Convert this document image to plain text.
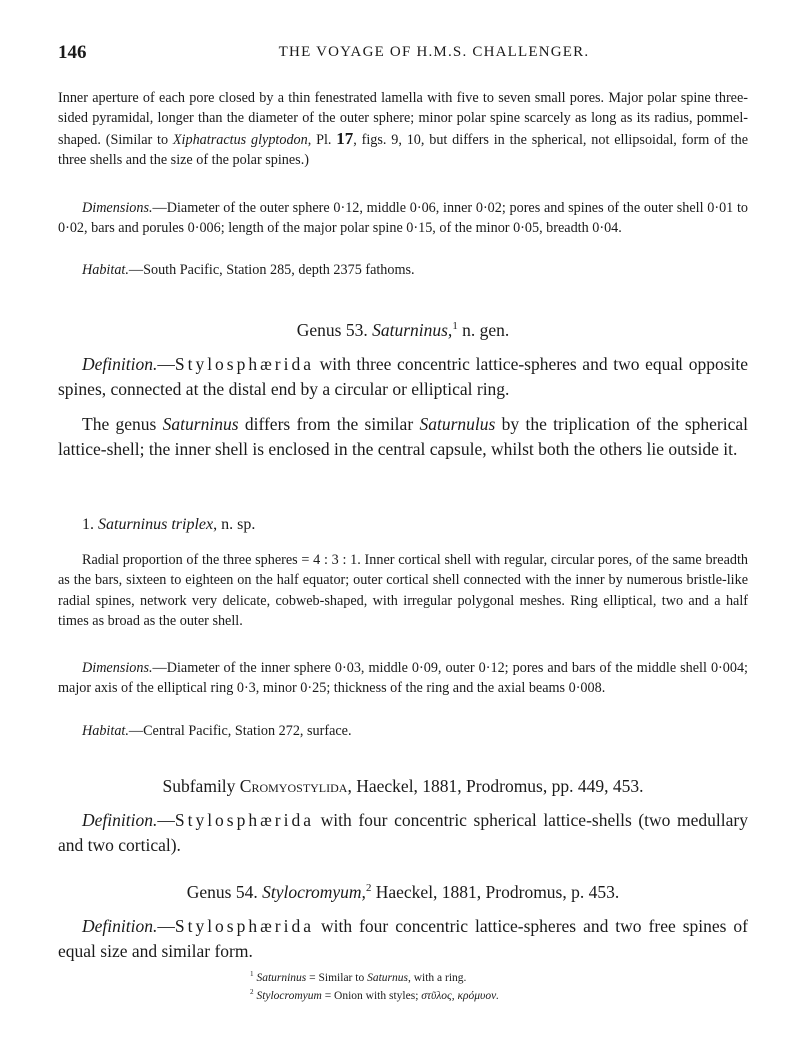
146	THE VOYAGE OF H.M.S. CHALLENGER.
Inner aperture of each pore closed by a thin fenestrated lamella with five to seven small pores. Major polar spine three-sided pyramidal, longer than the diameter of the outer sphere; minor polar spine scarcely as long as its radius, pommel-shaped. (Similar to Xiphatractus glyptodon, Pl. 17, figs. 9, 10, but differs in the spherical, not ellipsoidal, form of the three shells and the size of the polar spines.)
Dimensions.—Diameter of the outer sphere 0·12, middle 0·06, inner 0·02; pores and spines of the outer shell 0·01 to 0·02, bars and porules 0·006; length of the major polar spine 0·15, of the minor 0·05, breadth 0·04.
Habitat.—South Pacific, Station 285, depth 2375 fathoms.
Genus 53. Saturninus,$^1$ n. gen.
Definition.—Stylosphærida with three concentric lattice-spheres and two equal opposite spines, connected at the distal end by a circular or elliptical ring.
The genus Saturninus differs from the similar Saturnulus by the triplication of the spherical lattice-shell; the inner shell is enclosed in the central capsule, whilst both the others lie outside it.
1. Saturninus triplex, n. sp.
Radial proportion of the three spheres = 4 : 3 : 1. Inner cortical shell with regular, circular pores, of the same breadth as the bars, sixteen to eighteen on the half equator; outer cortical shell connected with the inner by numerous bristle-like radial spines, network very delicate, cobweb-shaped, with irregular polygonal meshes. Ring elliptical, two and a half times as broad as the outer shell.
Dimensions.—Diameter of the inner sphere 0·03, middle 0·09, outer 0·12; pores and bars of the middle shell 0·004; major axis of the elliptical ring 0·3, minor 0·25; thickness of the ring and the axial beams 0·008.
Habitat.—Central Pacific, Station 272, surface.
Subfamily Cromyostylida, Haeckel, 1881, Prodromus, pp. 449, 453.
Definition.—Stylosphærida with four concentric spherical lattice-shells (two medullary and two cortical).
Genus 54. Stylocromyum,$^2$ Haeckel, 1881, Prodromus, p. 453.
Definition.—Stylosphærida with four concentric lattice-spheres and two free spines of equal size and similar form.
$^1$ Saturninus = Similar to Saturnus, with a ring.
$^2$ Stylocromyum = Onion with styles; στῦλος, κρόμυον.
